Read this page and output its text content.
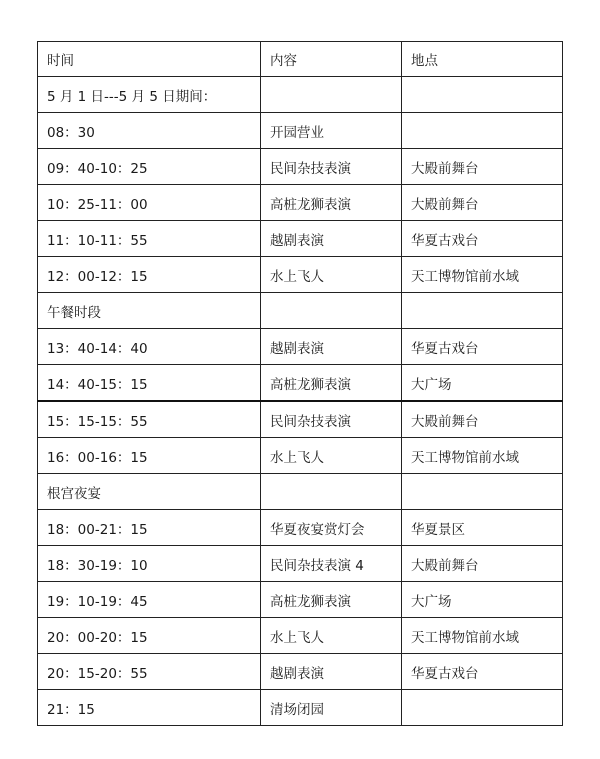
时间	内容	地点
5 月 1 日---5 月 5 日期间：		
08：30	开园营业	
09：40-10：25	民间杂技表演	大殿前舞台
10：25-11：00	高桩龙狮表演	大殿前舞台
11：10-11：55	越剧表演	华夏古戏台
12：00-12：15	水上飞人	天工博物馆前水域
午餐时段		
13：40-14：40	越剧表演	华夏古戏台
14：40-15：15	高桩龙狮表演	大广场
15：15-15：55	民间杂技表演	大殿前舞台
16：00-16：15	水上飞人	天工博物馆前水域
根宫夜宴		
18：00-21：15	华夏夜宴赏灯会	华夏景区
18：30-19：10	民间杂技表演 4	大殿前舞台
19：10-19：45	高桩龙狮表演	大广场
20：00-20：15	水上飞人	天工博物馆前水域
20：15-20：55	越剧表演	华夏古戏台
21：15	清场闭园	
